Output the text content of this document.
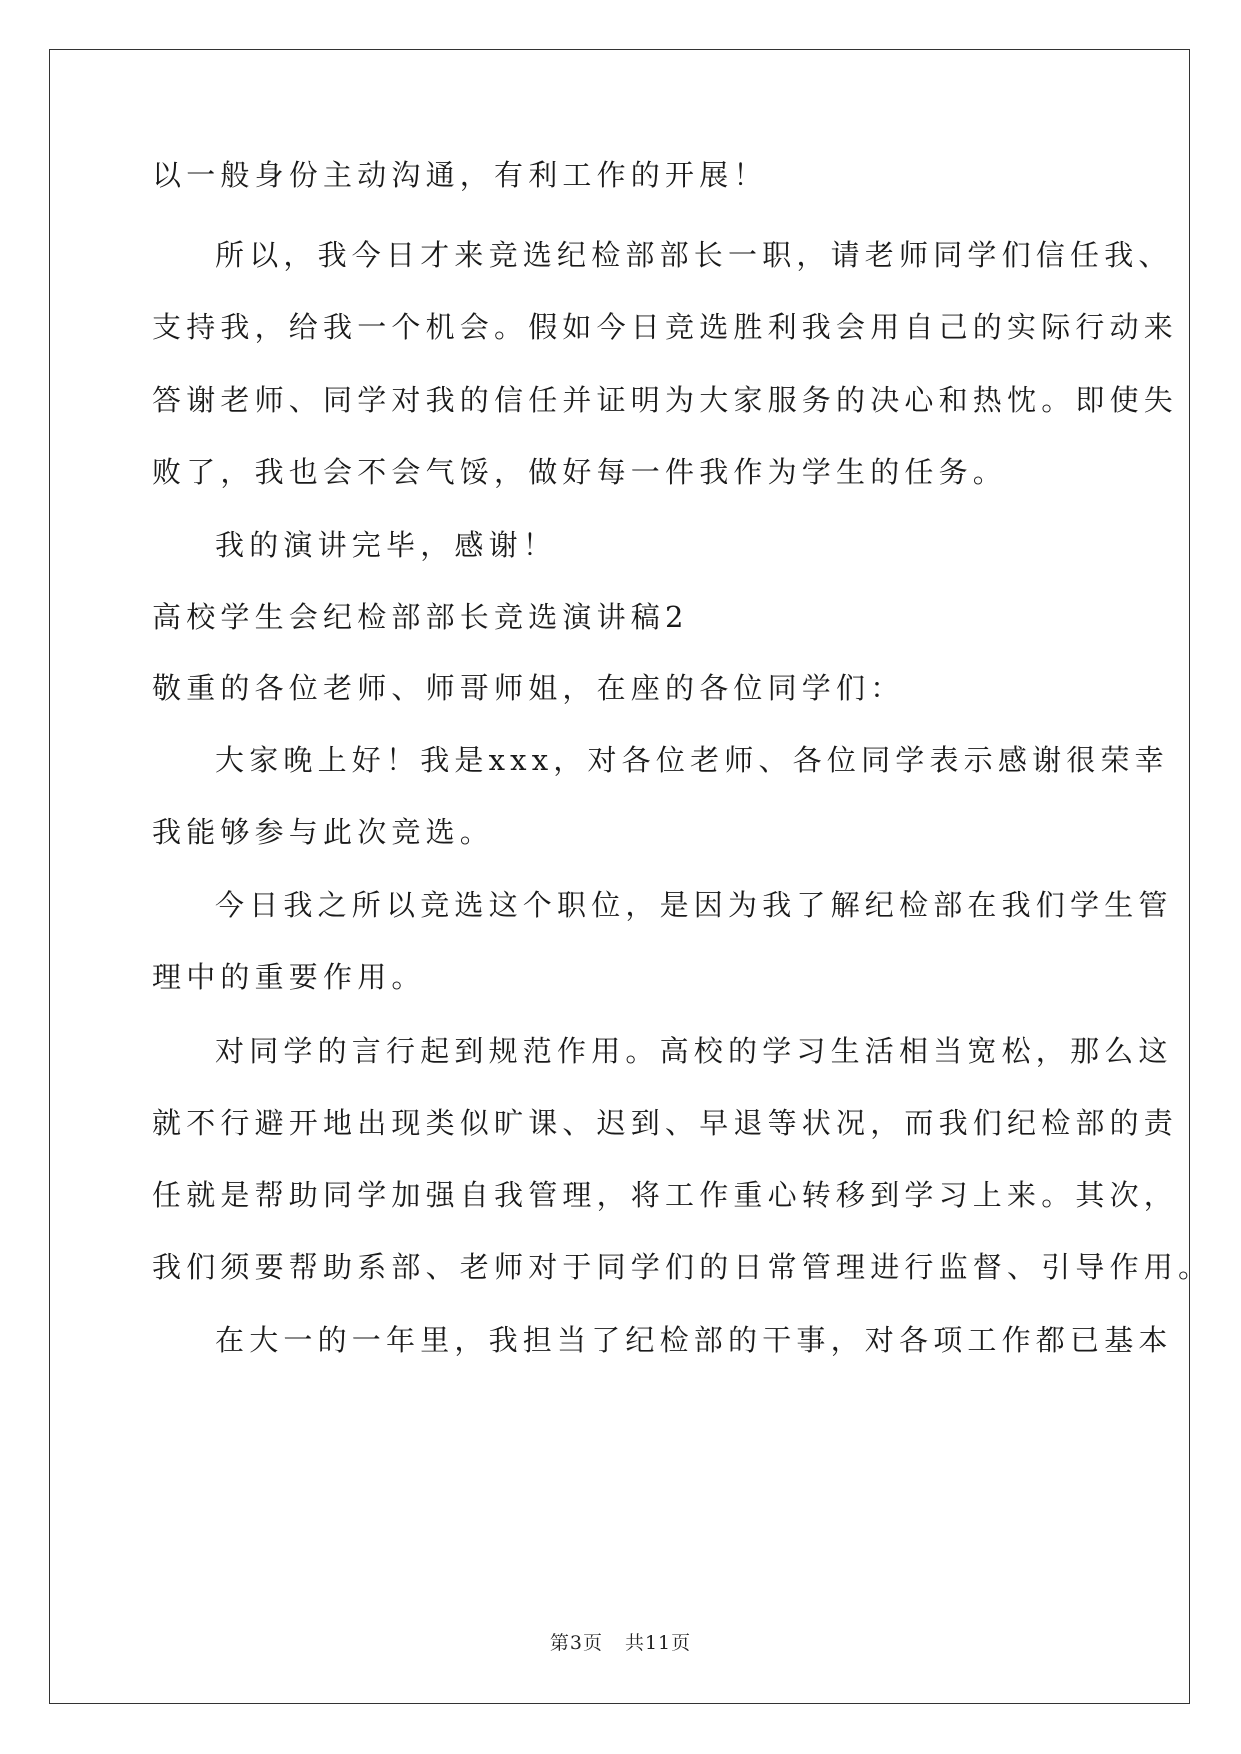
以一般身份主动沟通，有利工作的开展！
所以，我今日才来竞选纪检部部长一职，请老师同学们信任我、
支持我，给我一个机会。假如今日竞选胜利我会用自己的实际行动来
答谢老师、同学对我的信任并证明为大家服务的决心和热忱。即使失
败了，我也会不会气馁，做好每一件我作为学生的任务。
我的演讲完毕，感谢！
高校学生会纪检部部长竞选演讲稿2
敬重的各位老师、师哥师姐，在座的各位同学们：
大家晚上好！我是xxx，对各位老师、各位同学表示感谢很荣幸
我能够参与此次竞选。
今日我之所以竞选这个职位，是因为我了解纪检部在我们学生管
理中的重要作用。
对同学的言行起到规范作用。高校的学习生活相当宽松，那么这
就不行避开地出现类似旷课、迟到、早退等状况，而我们纪检部的责
任就是帮助同学加强自我管理，将工作重心转移到学习上来。其次，
我们须要帮助系部、老师对于同学们的日常管理进行监督、引导作用。
在大一的一年里，我担当了纪检部的干事，对各项工作都已基本
第3页 共11页
